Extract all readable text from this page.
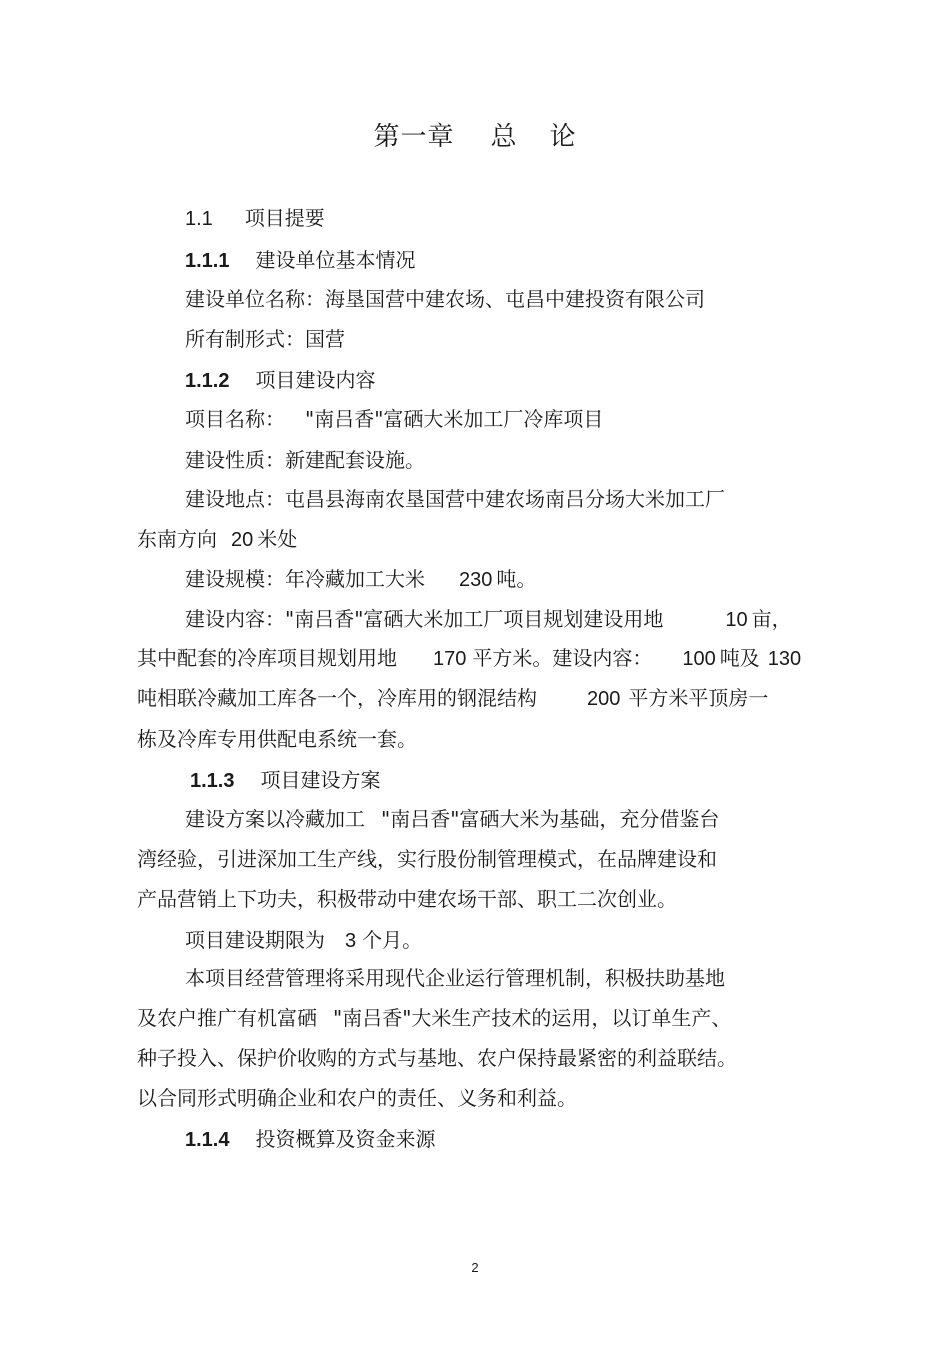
第一章 总 论
1.1 项目提要
1.1.1 建设单位基本情况
建设单位名称：海垦国营中建农场、屯昌中建投资有限公司
所有制形式：国营
1.1.2 项目建设内容
项目名称： "南吕香"富硒大米加工厂冷库项目
建设性质：新建配套设施。
建设地点：屯昌县海南农垦国营中建农场南吕分场大米加工厂
东南方向 20 米处
建设规模：年冷藏加工大米 230 吨。
建设内容："南吕香"富硒大米加工厂项目规划建设用地	10 亩，
其中配套的冷库项目规划用地 170 平方米。建设内容： 100 吨及 130
吨相联冷藏加工库各一个，冷库用的钢混结构	200 平方米平顶房一
栋及冷库专用供配电系统一套。
1.1.3 项目建设方案
建设方案以冷藏加工 "南吕香"富硒大米为基础，充分借鉴台
湾经验，引进深加工生产线，实行股份制管理模式，在品牌建设和
产品营销上下功夫，积极带动中建农场干部、职工二次创业。
项目建设期限为 3 个月。
本项目经营管理将采用现代企业运行管理机制，积极扶助基地
及农户推广有机富硒 "南吕香"大米生产技术的运用，以订单生产、
种子投入、保护价收购的方式与基地、农户保持最紧密的利益联结。
以合同形式明确企业和农户的责任、义务和利益。
1.1.4 投资概算及资金来源
2
